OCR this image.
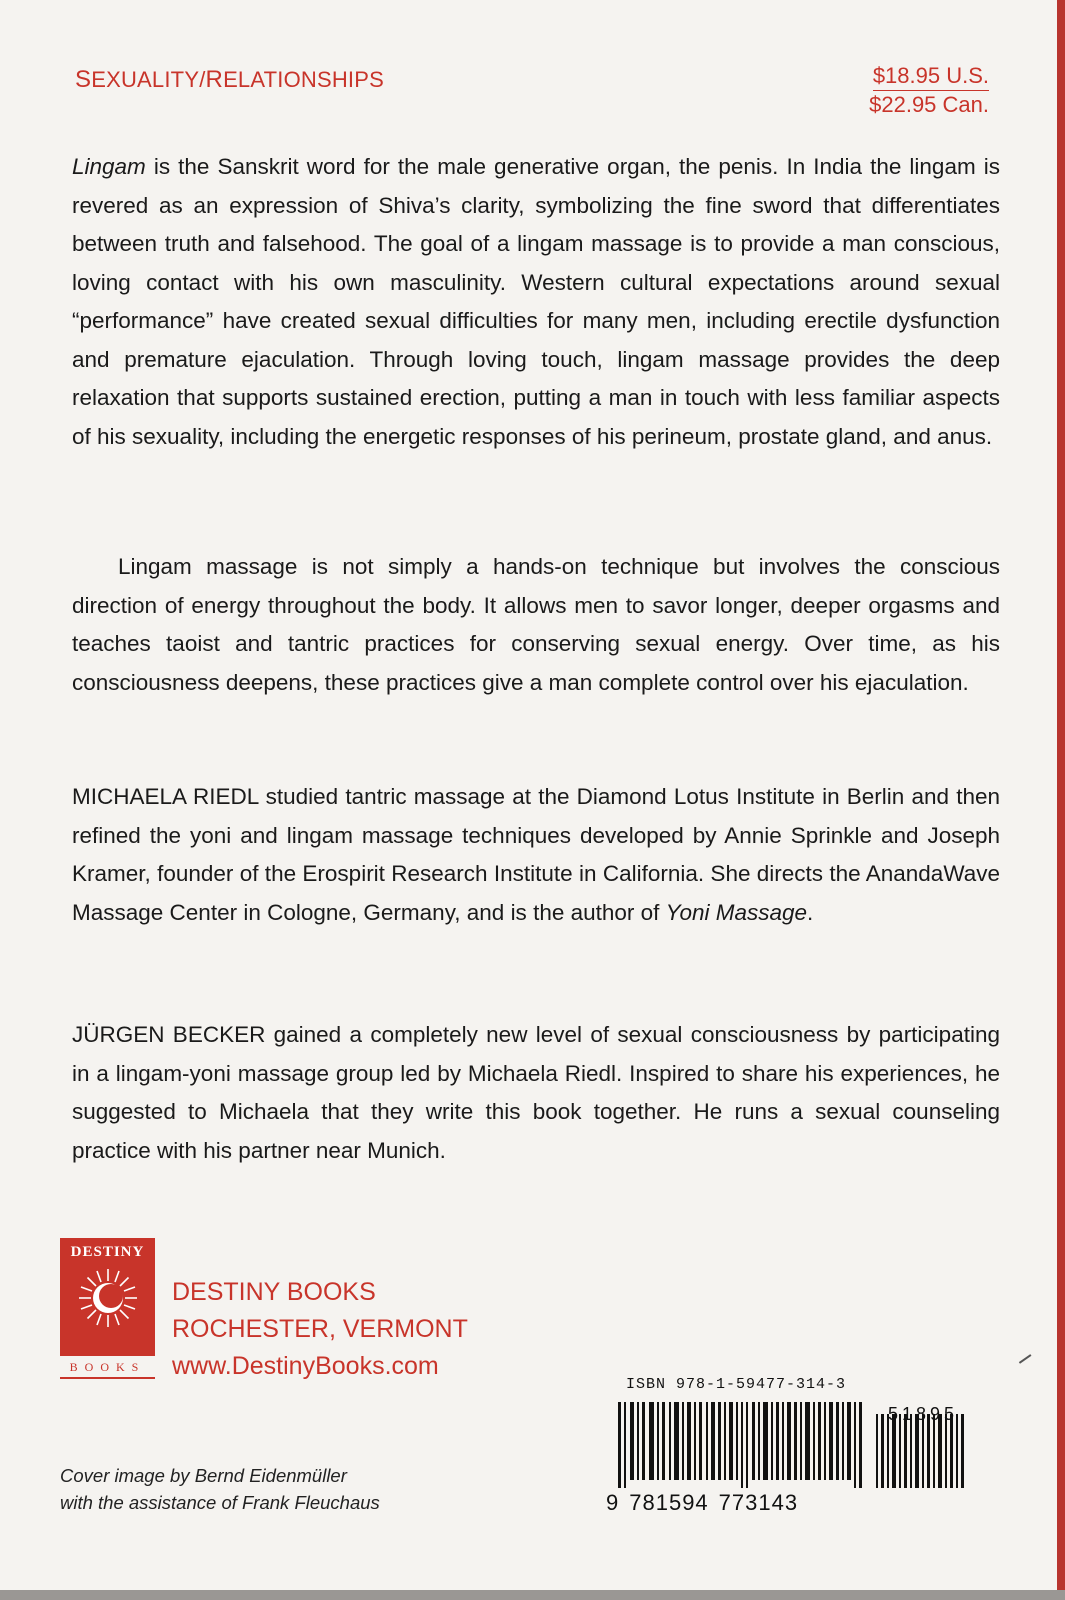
SEXUALITY/RELATIONSHIPS	$18.95 U.S.
$22.95 Can.

Lingam is the Sanskrit word for the male generative organ, the penis. In India the lingam is revered as an expression of Shiva’s clarity, symbolizing the fine sword that differentiates between truth and falsehood. The goal of a lingam massage is to provide a man conscious, loving contact with his own masculinity. Western cultural expectations around sexual “performance” have created sexual difficulties for many men, including erectile dysfunction and premature ejaculation. Through loving touch, lingam massage provides the deep relaxation that supports sustained erection, putting a man in touch with less familiar aspects of his sexuality, including the energetic responses of his perineum, prostate gland, and anus.

Lingam massage is not simply a hands-on technique but involves the conscious direction of energy throughout the body. It allows men to savor longer, deeper orgasms and teaches taoist and tantric practices for conserving sexual energy. Over time, as his consciousness deepens, these practices give a man complete control over his ejaculation.

MICHAELA RIEDL studied tantric massage at the Diamond Lotus Institute in Berlin and then refined the yoni and lingam massage techniques developed by Annie Sprinkle and Joseph Kramer, founder of the Erospirit Research Institute in California. She directs the AnandaWave Massage Center in Cologne, Germany, and is the author of Yoni Massage.

JÜRGEN BECKER gained a completely new level of sexual consciousness by participating in a lingam-yoni massage group led by Michaela Riedl. Inspired to share his experiences, he suggested to Michaela that they write this book together. He runs a sexual counseling practice with his partner near Munich.

DESTINY
BOOKS
DESTINY BOOKS
ROCHESTER, VERMONT
www.DestinyBooks.com
Cover image by Bernd Eidenmüller
with the assistance of Frank Fleuchaus
ISBN 978-1-59477-314-3
51895
9 781594 773143
